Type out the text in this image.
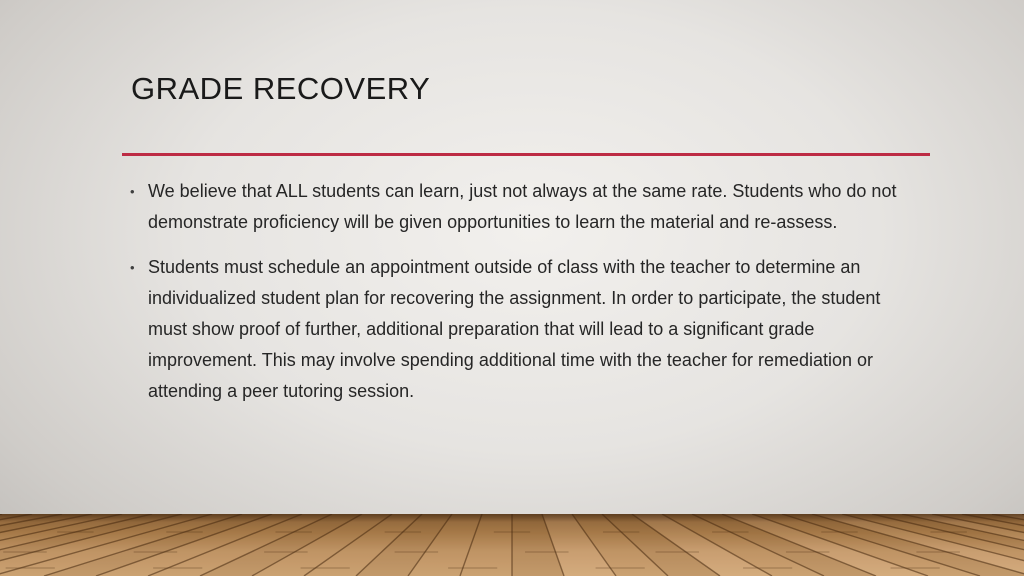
GRADE RECOVERY
• We believe that ALL students can learn, just not always at the same rate. Students who do not demonstrate proficiency will be given opportunities to learn the material and re-assess.
• Students must schedule an appointment outside of class with the teacher to determine an individualized student plan for recovering the assignment. In order to participate, the student must show proof of further, additional preparation that will lead to a significant grade improvement. This may involve spending additional time with the teacher for remediation or attending a peer tutoring session.
